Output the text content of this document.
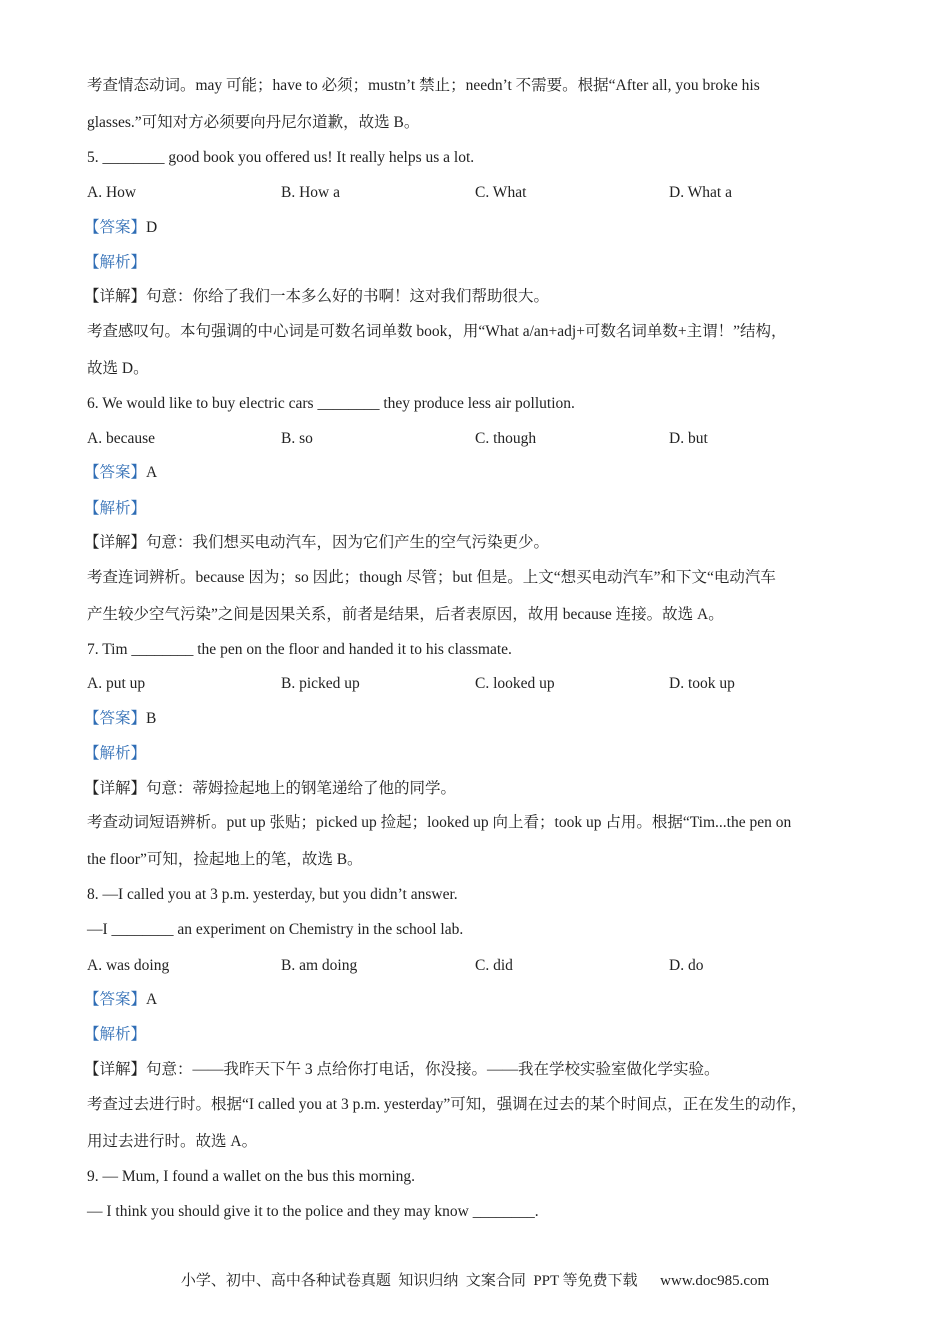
考查情态动词。may 可能；have to 必须；mustn’t 禁止；needn’t 不需要。根据“After all, you broke his
glasses.”可知对方必须要向丹尼尔道歉，故选 B。
5. ________ good book you offered us! It really helps us a lot.
A. How	B. How a	C. What	D. What a
【答案】D
【解析】
【详解】句意：你给了我们一本多么好的书啊！这对我们帮助很大。
考查感叹句。本句强调的中心词是可数名词单数 book，用“What a/an+adj+可数名词单数+主谓！”结构，
故选 D。
6. We would like to buy electric cars ________ they produce less air pollution.
A. because	B. so	C. though	D. but
【答案】A
【解析】
【详解】句意：我们想买电动汽车，因为它们产生的空气污染更少。
考查连词辨析。because 因为；so 因此；though 尽管；but 但是。上文“想买电动汽车”和下文“电动汽车
产生较少空气污染”之间是因果关系，前者是结果，后者表原因，故用 because 连接。故选 A。
7. Tim ________ the pen on the floor and handed it to his classmate.
A. put up	B. picked up	C. looked up	D. took up
【答案】B
【解析】
【详解】句意：蒂姆捡起地上的钢笔递给了他的同学。
考查动词短语辨析。put up 张贴；picked up 捡起；looked up 向上看；took up 占用。根据“Tim...the pen on
the floor”可知，捡起地上的笔，故选 B。
8. —I called you at 3 p.m. yesterday, but you didn’t answer.
—I ________ an experiment on Chemistry in the school lab.
A. was doing	B. am doing	C. did	D. do
【答案】A
【解析】
【详解】句意：——我昨天下午 3 点给你打电话，你没接。——我在学校实验室做化学实验。
考查过去进行时。根据“I called you at 3 p.m. yesterday”可知，强调在过去的某个时间点，正在发生的动作，
用过去进行时。故选 A。
9. — Mum, I found a wallet on the bus this morning.
— I think you should give it to the police and they may know ________.
小学、初中、高中各种试卷真题  知识归纳  文案合同  PPT 等免费下载      www.doc985.com
